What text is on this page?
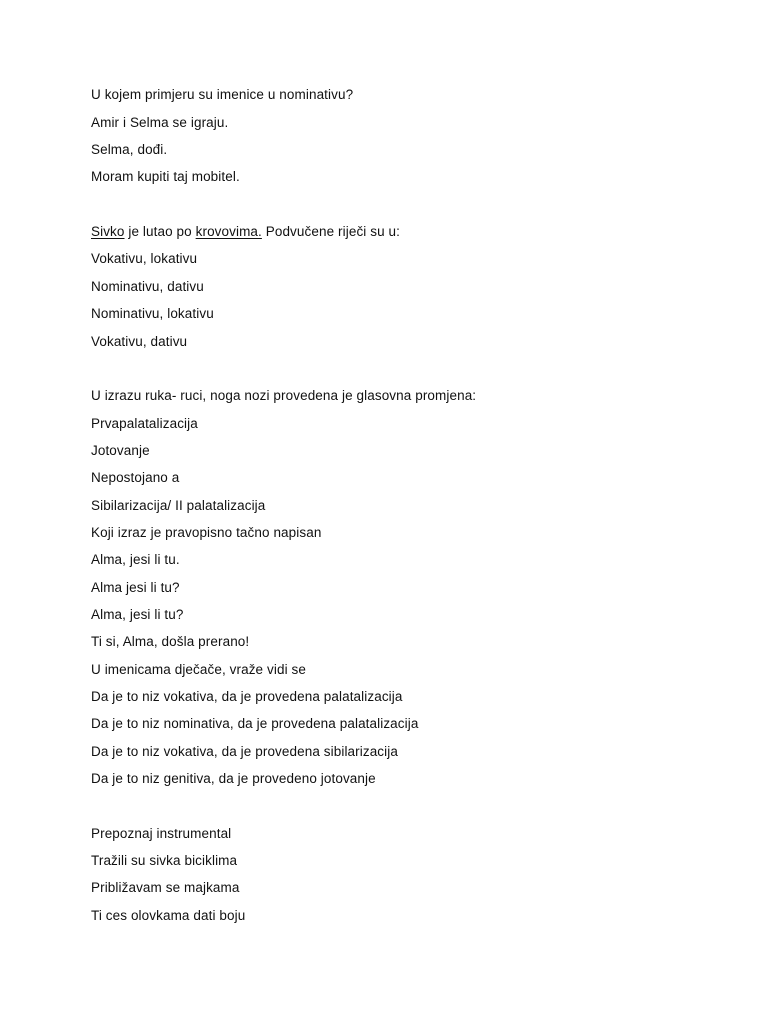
U kojem primjeru su imenice u nominativu?
Amir i Selma se igraju.
Selma, dođi.
Moram kupiti taj mobitel.
Sivko je lutao po krovovima. Podvučene riječi su u:
Vokativu, lokativu
Nominativu, dativu
Nominativu, lokativu
Vokativu, dativu
U izrazu ruka- ruci, noga nozi provedena je glasovna promjena:
Prvapalatalizacija
Jotovanje
Nepostojano a
Sibilarizacija/ II palatalizacija
Koji izraz je pravopisno tačno napisan
Alma, jesi li tu.
Alma jesi li tu?
Alma, jesi li tu?
Ti si, Alma, došla prerano!
U imenicama dječače, vraže vidi se
Da je to niz vokativa, da je provedena palatalizacija
Da je to niz nominativa, da je provedena palatalizacija
Da je to niz vokativa, da je provedena sibilarizacija
Da je to niz genitiva, da je provedeno jotovanje
Prepoznaj instrumental
Tražili su sivka biciklima
Približavam se majkama
Ti ces olovkama dati boju
